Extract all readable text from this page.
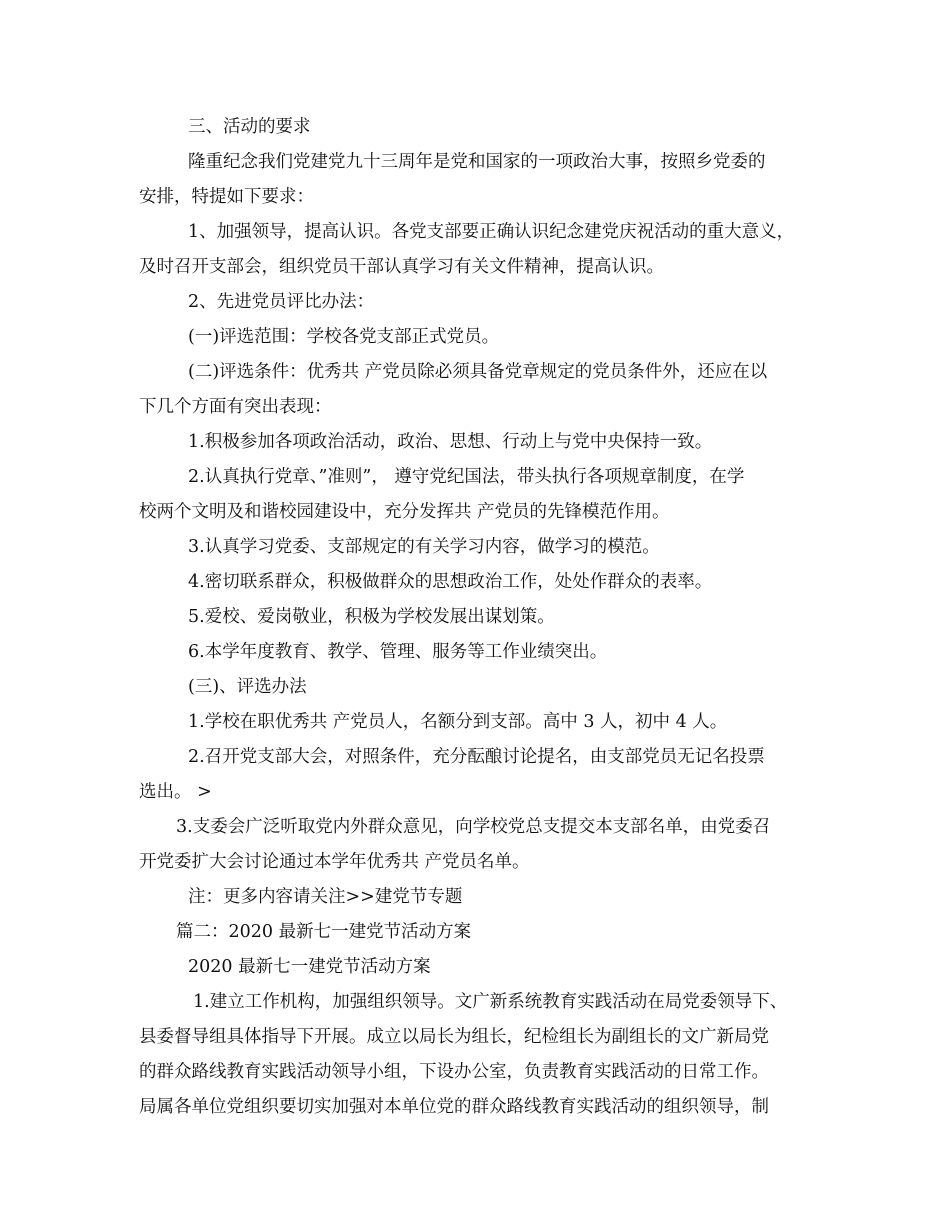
三、活动的要求
隆重纪念我们党建党九十三周年是党和国家的一项政治大事，按照乡党委的
安排，特提如下要求：
1、加强领导，提高认识。各党支部要正确认识纪念建党庆祝活动的重大意义，
及时召开支部会，组织党员干部认真学习有关文件精神，提高认识。
2、先进党员评比办法：
(一)评选范围：学校各党支部正式党员。
(二)评选条件：优秀共 产党员除必须具备党章规定的党员条件外，还应在以
下几个方面有突出表现：
1.积极参加各项政治活动，政治、思想、行动上与党中央保持一致。
2.认真执行党章、”准则”， 遵守党纪国法，带头执行各项规章制度，在学
校两个文明及和谐校园建设中，充分发挥共 产党员的先锋模范作用。
3.认真学习党委、支部规定的有关学习内容，做学习的模范。
4.密切联系群众，积极做群众的思想政治工作，处处作群众的表率。
5.爱校、爱岗敬业，积极为学校发展出谋划策。
6.本学年度教育、教学、管理、服务等工作业绩突出。
(三)、评选办法
1.学校在职优秀共 产党员人，名额分到支部。高中 3 人，初中 4 人。
2.召开党支部大会，对照条件，充分酝酿讨论提名，由支部党员无记名投票
选出。 >
3.支委会广泛听取党内外群众意见，向学校党总支提交本支部名单，由党委召
开党委扩大会讨论通过本学年优秀共 产党员名单。
注：更多内容请关注>>建党节专题
篇二：2020 最新七一建党节活动方案
2020 最新七一建党节活动方案
1.建立工作机构，加强组织领导。文广新系统教育实践活动在局党委领导下、
县委督导组具体指导下开展。成立以局长为组长，纪检组长为副组长的文广新局党
的群众路线教育实践活动领导小组，下设办公室，负责教育实践活动的日常工作。
局属各单位党组织要切实加强对本单位党的群众路线教育实践活动的组织领导，制
